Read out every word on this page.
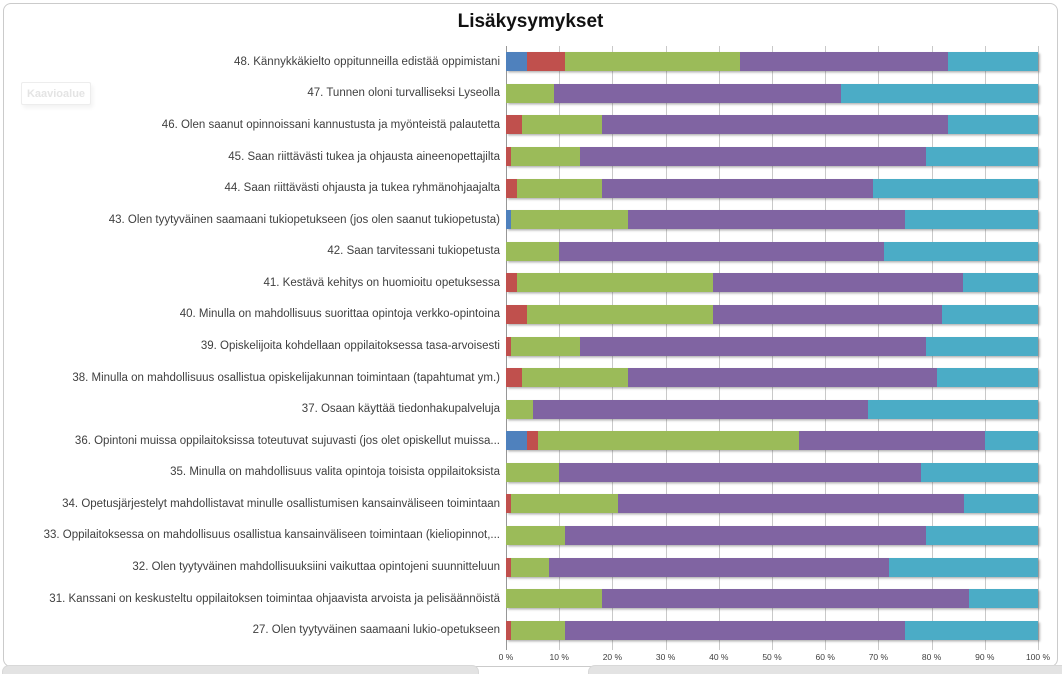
Lisäkysymykset
48. Kännykkäkielto oppitunneilla edistää oppimistani
47. Tunnen oloni turvalliseksi Lyseolla
46. Olen saanut opinnoissani kannustusta ja myönteistä palautetta
45. Saan riittävästi tukea ja ohjausta aineenopettajilta
44. Saan riittävästi ohjausta ja tukea ryhmänohjaajalta
43. Olen tyytyväinen saamaani tukiopetukseen (jos olen saanut tukiopetusta)
42. Saan tarvitessani tukiopetusta
41. Kestävä kehitys on huomioitu opetuksessa
40. Minulla on mahdollisuus suorittaa opintoja verkko-opintoina
39. Opiskelijoita kohdellaan oppilaitoksessa tasa-arvoisesti
38. Minulla on mahdollisuus osallistua opiskelijakunnan toimintaan (tapahtumat ym.)
37. Osaan käyttää tiedonhakupalveluja
36. Opintoni muissa oppilaitoksissa toteutuvat sujuvasti (jos olet opiskellut muissa...
35. Minulla on mahdollisuus valita opintoja toisista oppilaitoksista
34. Opetusjärjestelyt mahdollistavat minulle osallistumisen kansainväliseen toimintaan
33. Oppilaitoksessa on mahdollisuus osallistua kansainväliseen toimintaan (kieliopinnot,...
32. Olen tyytyväinen mahdollisuuksiini vaikuttaa opintojeni suunnitteluun
31. Kanssani on keskusteltu oppilaitoksen toimintaa ohjaavista arvoista ja pelisäännöistä
27. Olen tyytyväinen saamaani lukio-opetukseen
0 %	10 %	20 %	30 %	40 %	50 %	60 %	70 %	80 %	90 %	100 %
Kaavioalue
